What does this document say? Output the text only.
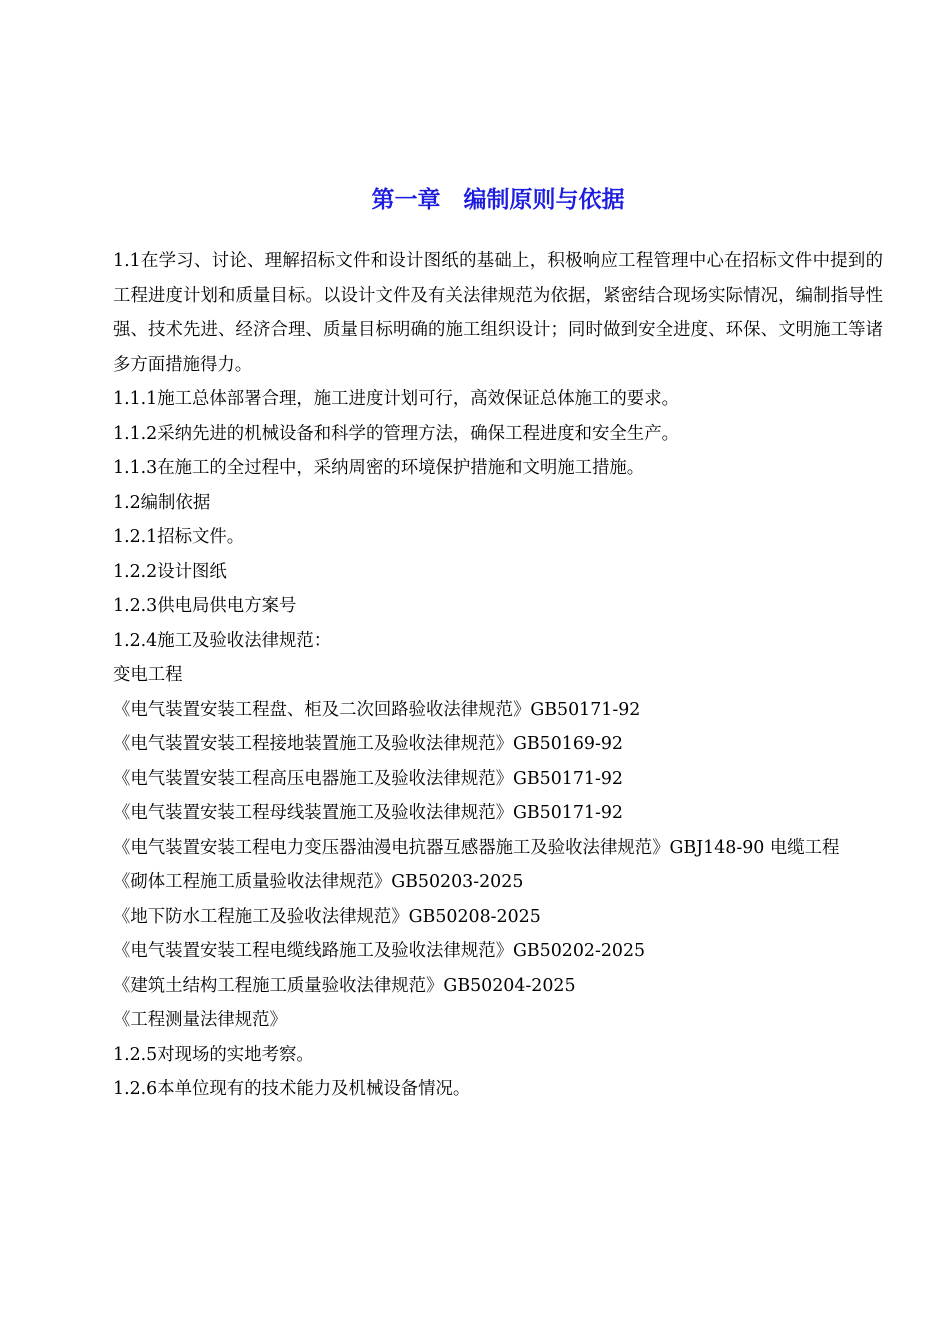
第一章　编制原则与依据

1.1在学习、讨论、理解招标文件和设计图纸的基础上，积极响应工程管理中心在招标文件中提到的工程进度计划和质量目标。以设计文件及有关法律规范为依据，紧密结合现场实际情况，编制指导性强、技术先进、经济合理、质量目标明确的施工组织设计；同时做到安全进度、环保、文明施工等诸多方面措施得力。

1.1.1施工总体部署合理，施工进度计划可行，高效保证总体施工的要求。

1.1.2采纳先进的机械设备和科学的管理方法，确保工程进度和安全生产。

1.1.3在施工的全过程中，采纳周密的环境保护措施和文明施工措施。

1.2编制依据

1.2.1招标文件。

1.2.2设计图纸

1.2.3供电局供电方案号

1.2.4施工及验收法律规范：

变电工程

《电气装置安装工程盘、柜及二次回路验收法律规范》GB50171-92

《电气装置安装工程接地装置施工及验收法律规范》GB50169-92

《电气装置安装工程高压电器施工及验收法律规范》GB50171-92

《电气装置安装工程母线装置施工及验收法律规范》GB50171-92

《电气装置安装工程电力变压器油漫电抗器互感器施工及验收法律规范》GBJ148-90 电缆工程

《砌体工程施工质量验收法律规范》GB50203-2025

《地下防水工程施工及验收法律规范》GB50208-2025

《电气装置安装工程电缆线路施工及验收法律规范》GB50202-2025

《建筑土结构工程施工质量验收法律规范》GB50204-2025

《工程测量法律规范》

1.2.5对现场的实地考察。

1.2.6本单位现有的技术能力及机械设备情况。
